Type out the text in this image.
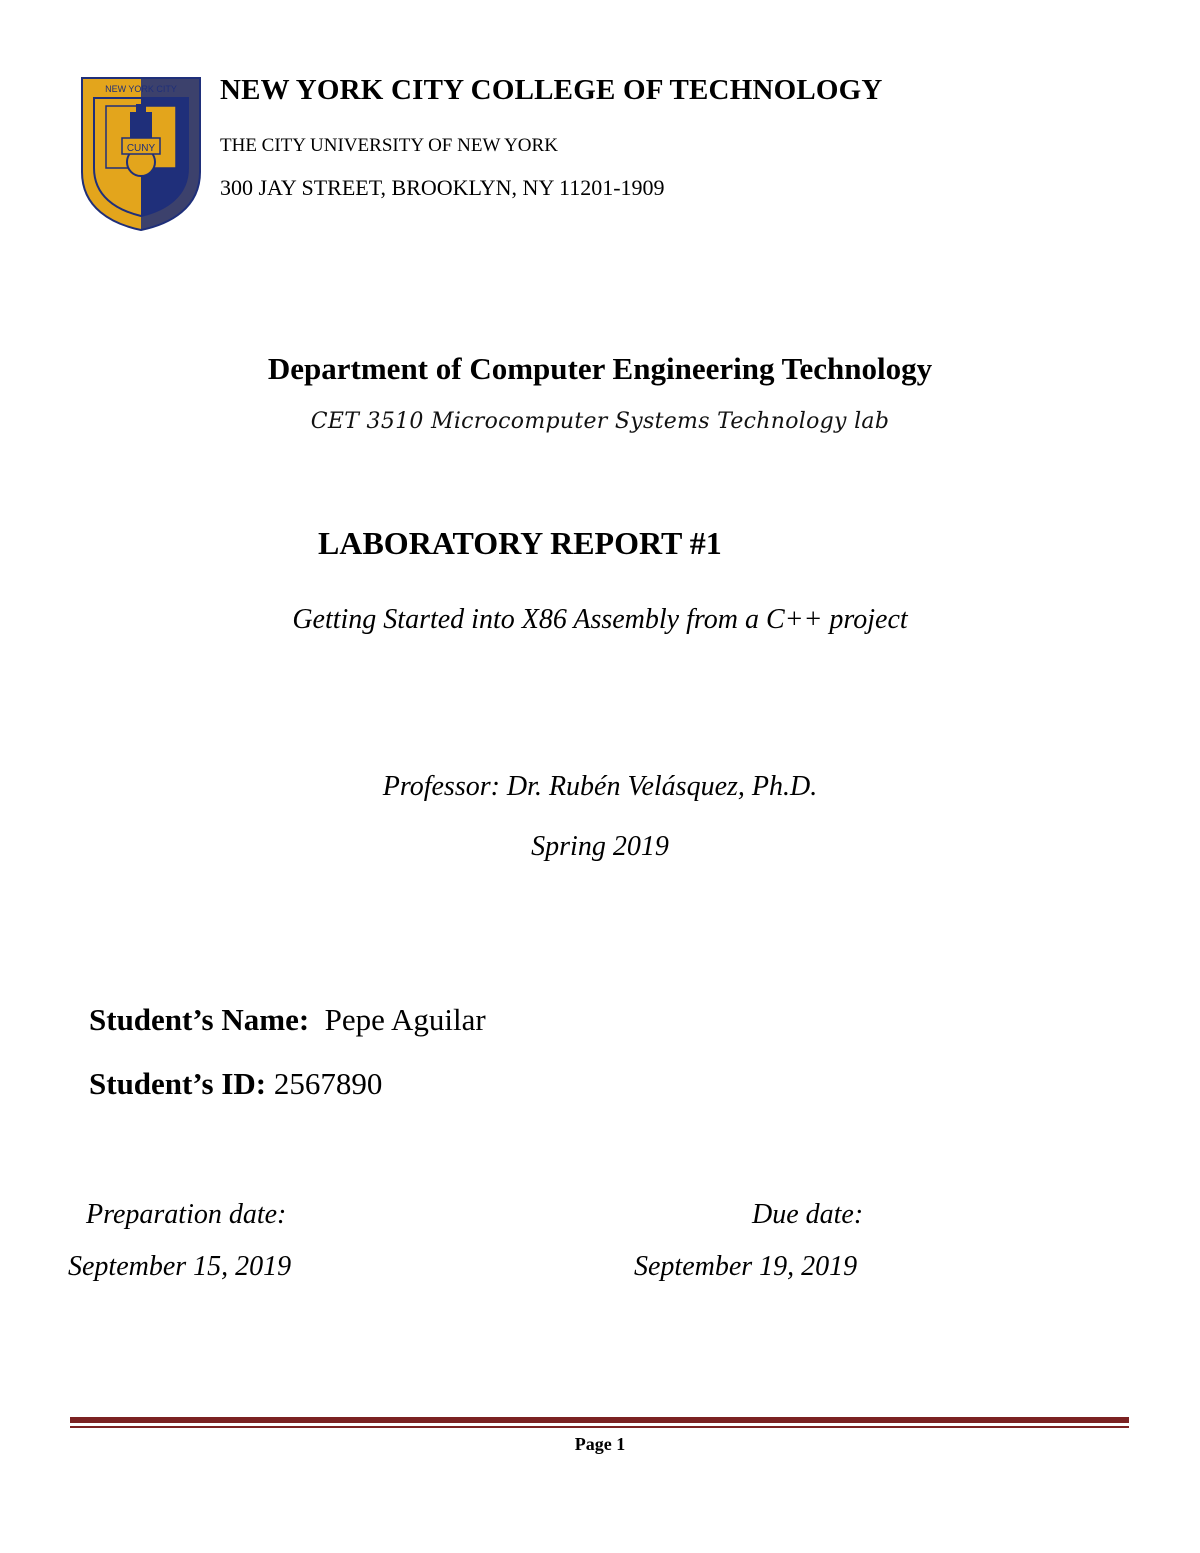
CUNY
NEW YORK CITY NEW YORK CITY COLLEGE OF TECHNOLOGY
THE CITY UNIVERSITY OF NEW YORK
300 JAY STREET, BROOKLYN, NY 11201-1909
Department of Computer Engineering Technology
CET 3510 Microcomputer Systems Technology lab
LABORATORY REPORT #1
Getting Started into X86 Assembly from a C++ project
Professor: Dr. Rubén Velásquez, Ph.D.
Spring 2019
Student’s Name: Pepe Aguilar
Student’s ID: 2567890
Preparation date:
September 15, 2019
Due date:
September 19, 2019
Page 1
